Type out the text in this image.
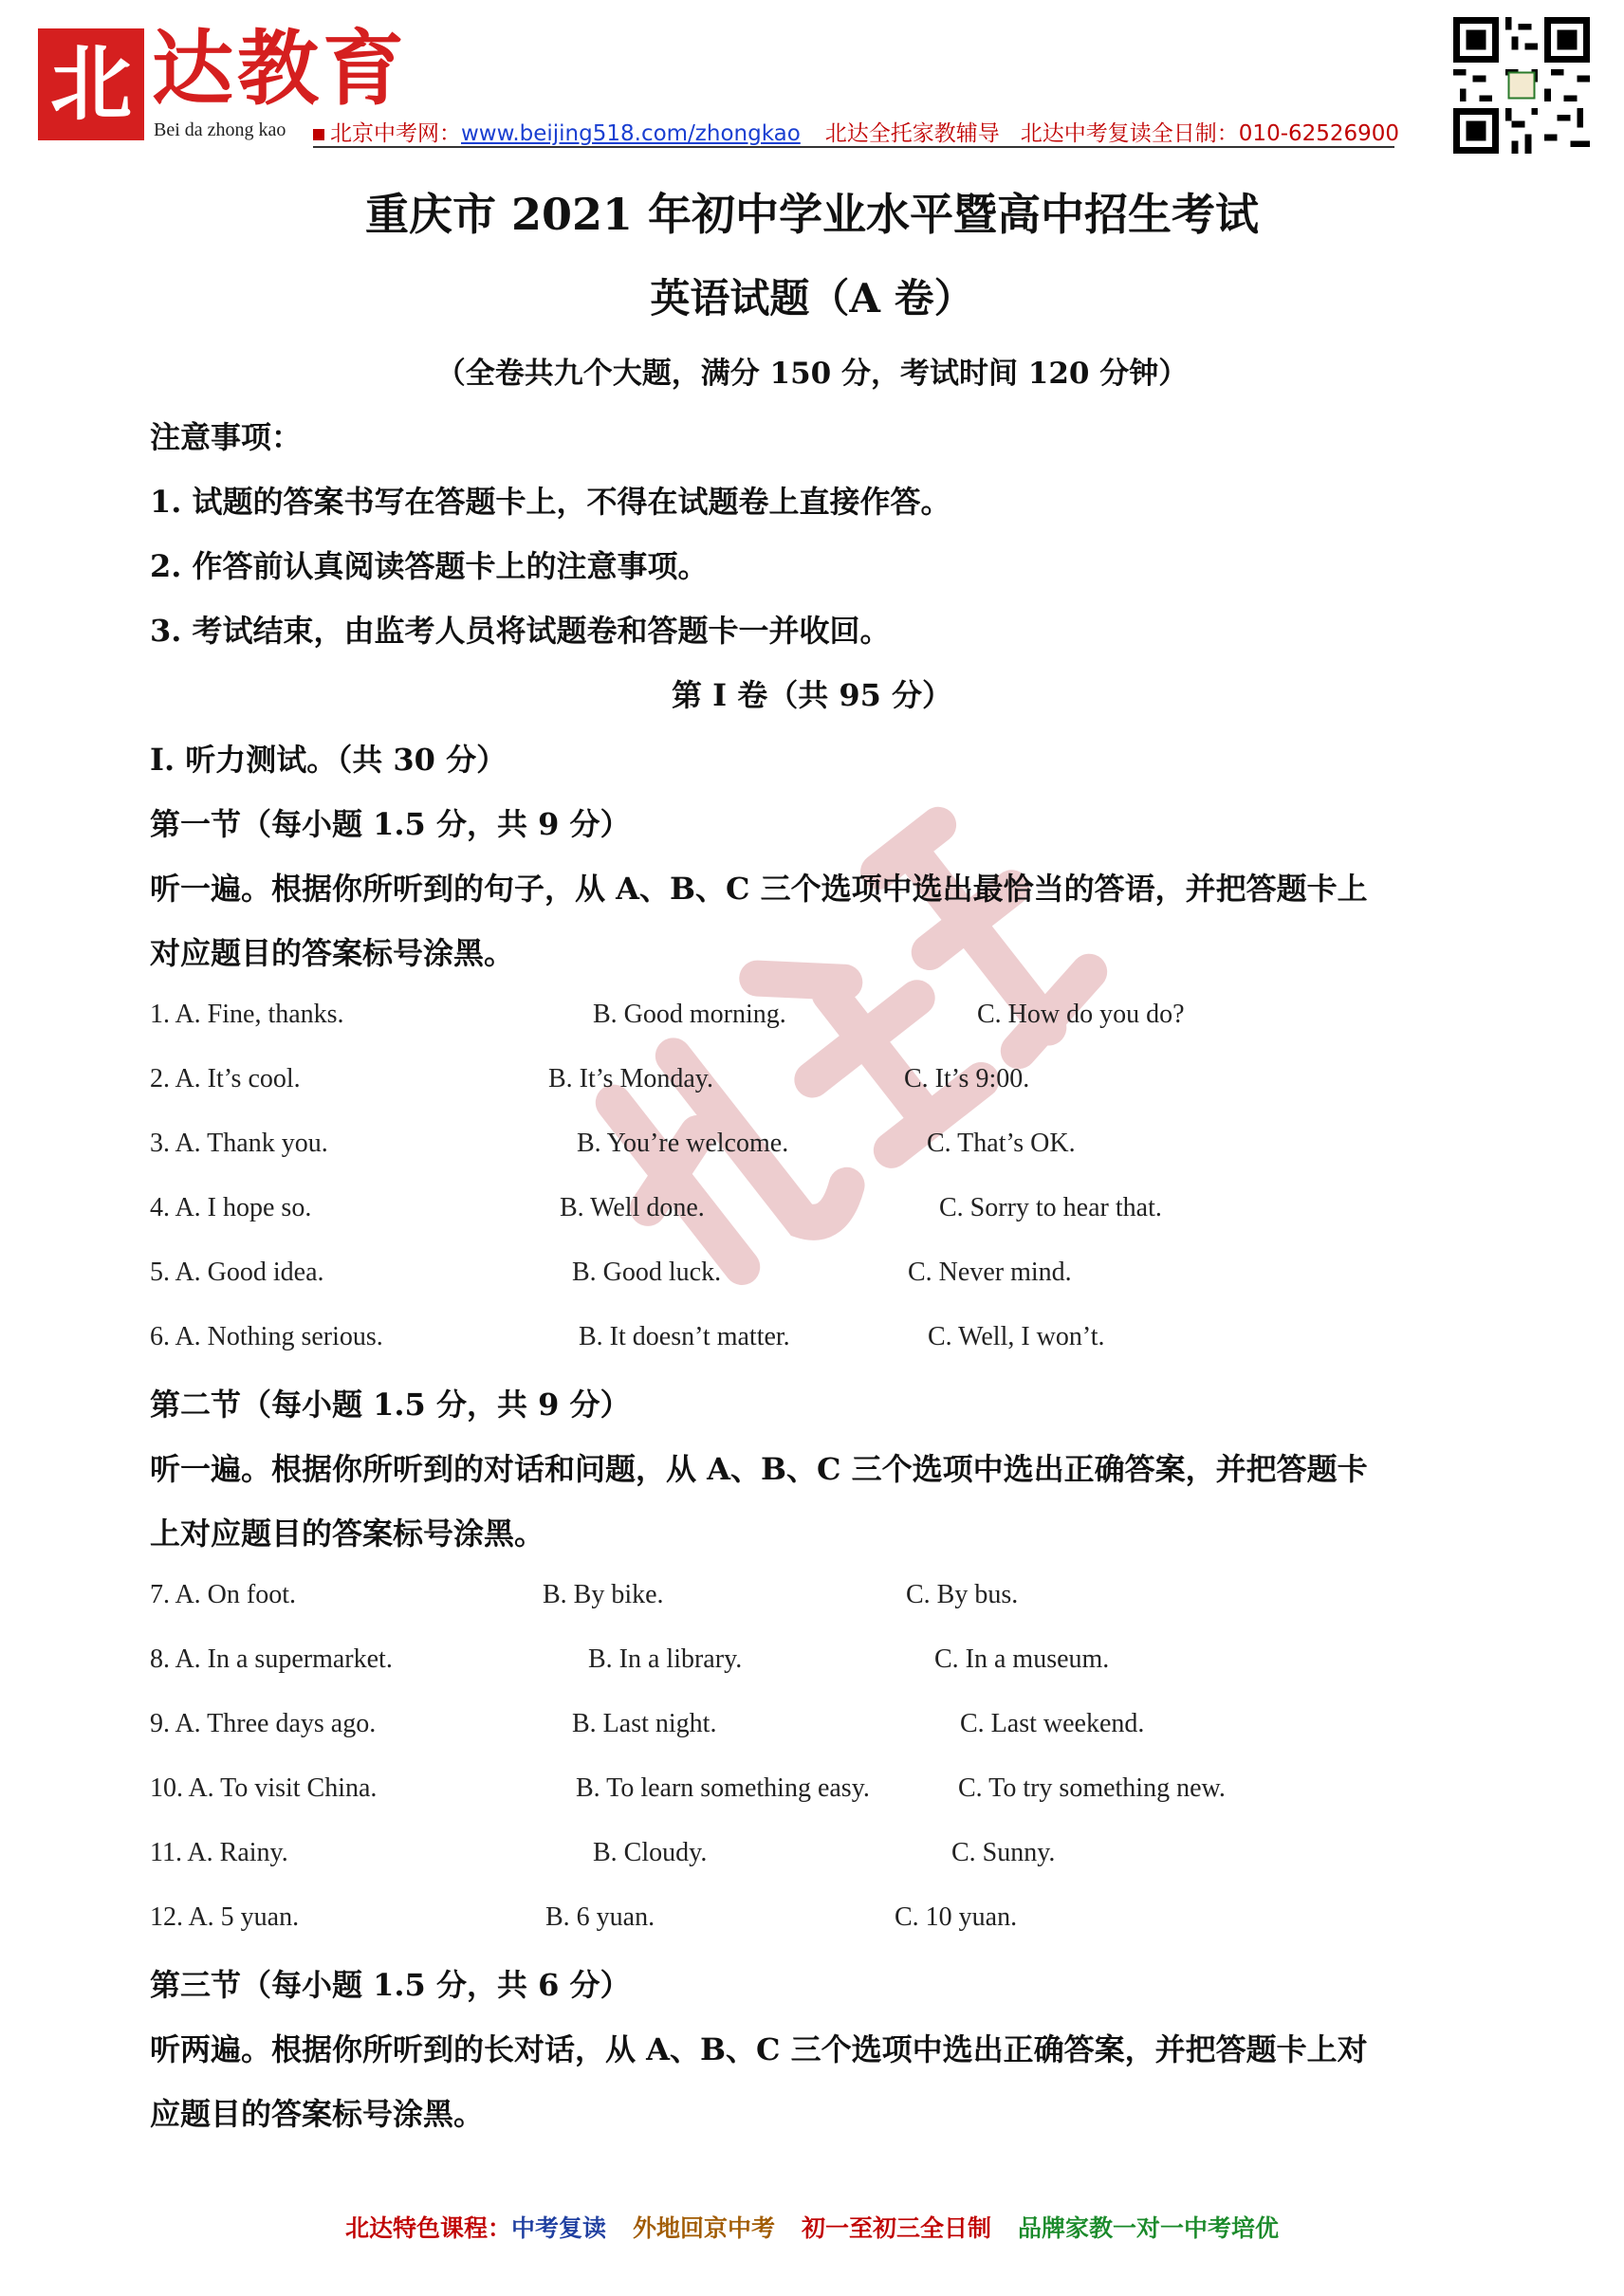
北 达教育
Bei da zhong kao	北京中考网：www.beijing518.com/zhongkao 北达全托家教辅导 北达中考复读全日制：010-62526900
重庆市 2021 年初中学业水平暨高中招生考试
英语试题（A 卷）
（全卷共九个大题，满分 150 分，考试时间 120 分钟）
注意事项：
1. 试题的答案书写在答题卡上，不得在试题卷上直接作答。
2. 作答前认真阅读答题卡上的注意事项。
3. 考试结束，由监考人员将试题卷和答题卡一并收回。
第 I 卷（共 95 分）
I. 听力测试。（共 30 分）
第一节（每小题 1.5 分，共 9 分）
听一遍。根据你所听到的句子，从 A、B、C 三个选项中选出最恰当的答语，并把答题卡上
对应题目的答案标号涂黑。
1. A. Fine, thanks.	B. Good morning.	C. How do you do?
2. A. It’s cool.	B. It’s Monday.	C. It’s 9:00.
3. A. Thank you.	B. You’re welcome.	C. That’s OK.
4. A. I hope so.	B. Well done.	C. Sorry to hear that.
5. A. Good idea.	B. Good luck.	C. Never mind.
6. A. Nothing serious.	B. It doesn’t matter.	C. Well, I won’t.
第二节（每小题 1.5 分，共 9 分）
听一遍。根据你所听到的对话和问题，从 A、B、C 三个选项中选出正确答案，并把答题卡
上对应题目的答案标号涂黑。
7. A. On foot.	B. By bike.	C. By bus.
8. A. In a supermarket.	B. In a library.	C. In a museum.
9. A. Three days ago.	B. Last night.	C. Last weekend.
10. A. To visit China.	B. To learn something easy.	C. To try something new.
11. A. Rainy.	B. Cloudy.	C. Sunny.
12. A. 5 yuan.	B. 6 yuan.	C. 10 yuan.
第三节（每小题 1.5 分，共 6 分）
听两遍。根据你所听到的长对话，从 A、B、C 三个选项中选出正确答案，并把答题卡上对
应题目的答案标号涂黑。
北达特色课程：中考复读 外地回京中考 初一至初三全日制 品牌家教一对一中考培优
